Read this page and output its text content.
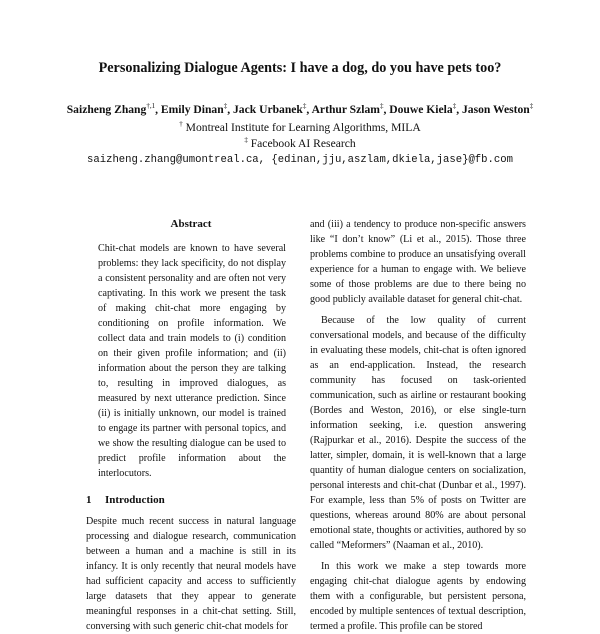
Personalizing Dialogue Agents: I have a dog, do you have pets too?
Saizheng Zhang$^{\dagger,1}$, Emily Dinan‡, Jack Urbanek‡, Arthur Szlam‡, Douwe Kiela‡, Jason Weston‡
† Montreal Institute for Learning Algorithms, MILA
‡ Facebook AI Research
saizheng.zhang@umontreal.ca, {edinan,jju,aszlam,dkiela,jase}@fb.com
Abstract
Chit-chat models are known to have several problems: they lack specificity, do not display a consistent personality and are often not very captivating. In this work we present the task of making chit-chat more engaging by conditioning on profile information. We collect data and train models to (i) condition on their given profile information; and (ii) information about the person they are talking to, resulting in improved dialogues, as measured by next utterance prediction. Since (ii) is initially unknown, our model is trained to engage its partner with personal topics, and we show the resulting dialogue can be used to predict profile information about the interlocutors.
1 Introduction

Despite much recent success in natural language processing and dialogue research, communication between a human and a machine is still in its infancy. It is only recently that neural models have had sufficient capacity and access to sufficiently large datasets that they appear to generate meaningful responses in a chit-chat setting. Still, conversing with such generic chit-chat models for

and (iii) a tendency to produce non-specific answers like “I don’t know” (Li et al., 2015). Those three problems combine to produce an unsatisfying overall experience for a human to engage with. We believe some of those problems are due to there being no good publicly available dataset for general chit-chat.

Because of the low quality of current conversational models, and because of the difficulty in evaluating these models, chit-chat is often ignored as an end-application. Instead, the research community has focused on task-oriented communication, such as airline or restaurant booking (Bordes and Weston, 2016), or else single-turn information seeking, i.e. question answering (Rajpurkar et al., 2016). Despite the success of the latter, simpler, domain, it is well-known that a large quantity of human dialogue centers on socialization, personal interests and chit-chat (Dunbar et al., 1997). For example, less than 5% of posts on Twitter are questions, whereas around 80% are about personal emotional state, thoughts or activities, authored by so called “Meformers” (Naaman et al., 2010).

In this work we make a step towards more engaging chit-chat dialogue agents by endowing them with a configurable, but persistent persona, encoded by multiple sentences of textual description, termed a profile. This profile can be stored
